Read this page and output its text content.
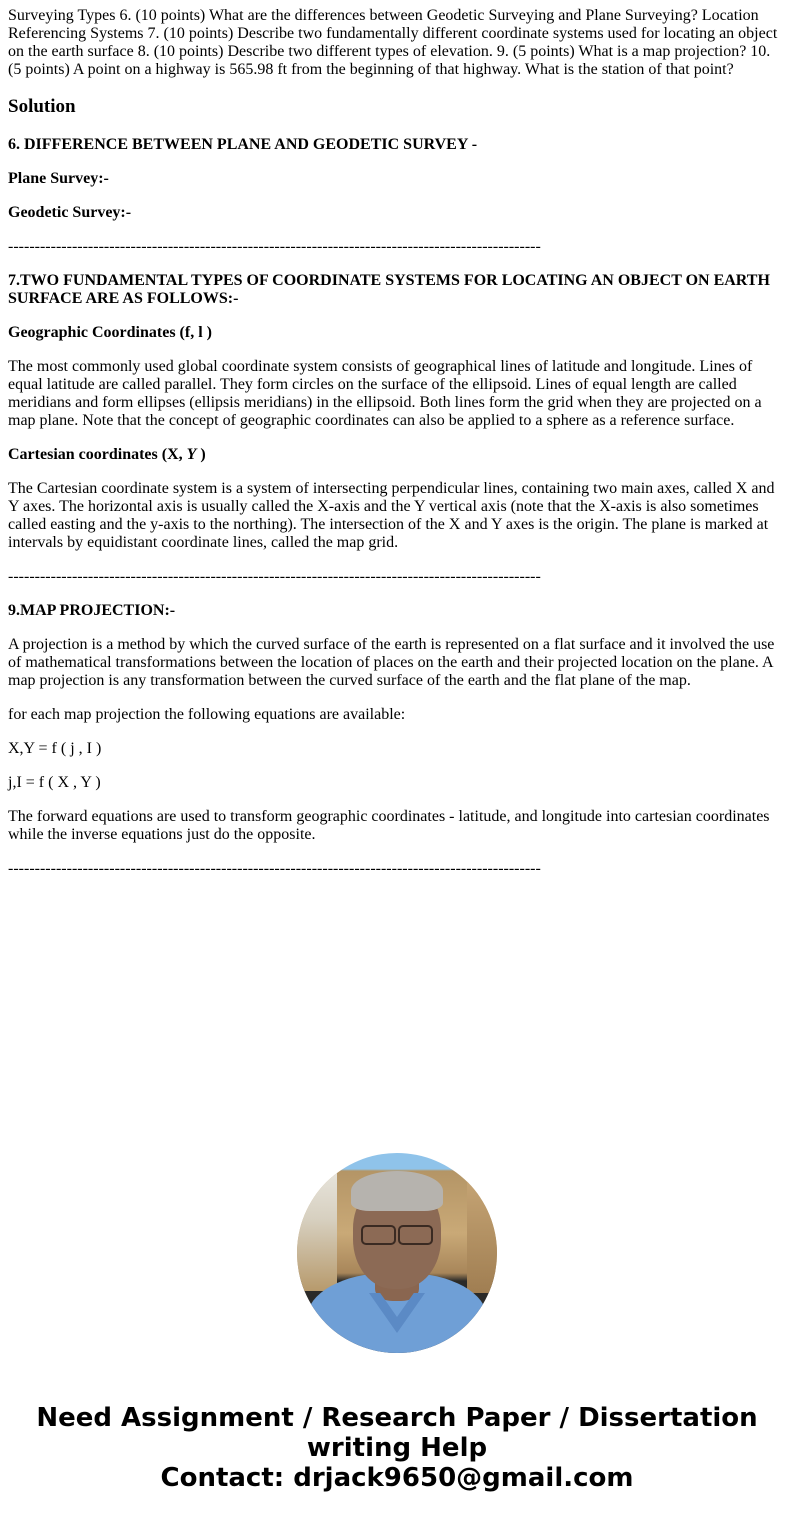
Surveying Types 6. (10 points) What are the differences between Geodetic Surveying and Plane Surveying? Location Referencing Systems 7. (10 points) Describe two fundamentally different coordinate systems used for locating an object on the earth surface 8. (10 points) Describe two different types of elevation. 9. (5 points) What is a map projection? 10. (5 points) A point on a highway is 565.98 ft from the beginning of that highway. What is the station of that point?

Solution

6. DIFFERENCE BETWEEN PLANE AND GEODETIC SURVEY -

Plane Survey:-

Geodetic Survey:-

----------------------------------------------------------------------------------------------------

7.TWO FUNDAMENTAL TYPES OF COORDINATE SYSTEMS FOR LOCATING AN OBJECT ON EARTH SURFACE ARE AS FOLLOWS:-

Geographic Coordinates (f, l )

The most commonly used global coordinate system consists of geographical lines of latitude and longitude. Lines of equal latitude are called parallel. They form circles on the surface of the ellipsoid. Lines of equal length are called meridians and form ellipses (ellipsis meridians) in the ellipsoid. Both lines form the grid when they are projected on a map plane. Note that the concept of geographic coordinates can also be applied to a sphere as a reference surface.

Cartesian coordinates (X, Y )

The Cartesian coordinate system is a system of intersecting perpendicular lines, containing two main axes, called X and Y axes. The horizontal axis is usually called the X-axis and the Y vertical axis (note that the X-axis is also sometimes called easting and the y-axis to the northing). The intersection of the X and Y axes is the origin. The plane is marked at intervals by equidistant coordinate lines, called the map grid.

----------------------------------------------------------------------------------------------------

9.MAP PROJECTION:-

A projection is a method by which the curved surface of the earth is represented on a flat surface and it involved the use of mathematical transformations between the location of places on the earth and their projected location on the plane. A map projection is any transformation between the curved surface of the earth and the flat plane of the map.

for each map projection the following equations are available:

X,Y = f ( j , I )

j,I = f ( X , Y )

The forward equations are used to transform geographic coordinates - latitude, and longitude into cartesian coordinates while the inverse equations just do the opposite.

----------------------------------------------------------------------------------------------------

Need Assignment / Research Paper / Dissertation
writing Help
Contact: drjack9650@gmail.com
